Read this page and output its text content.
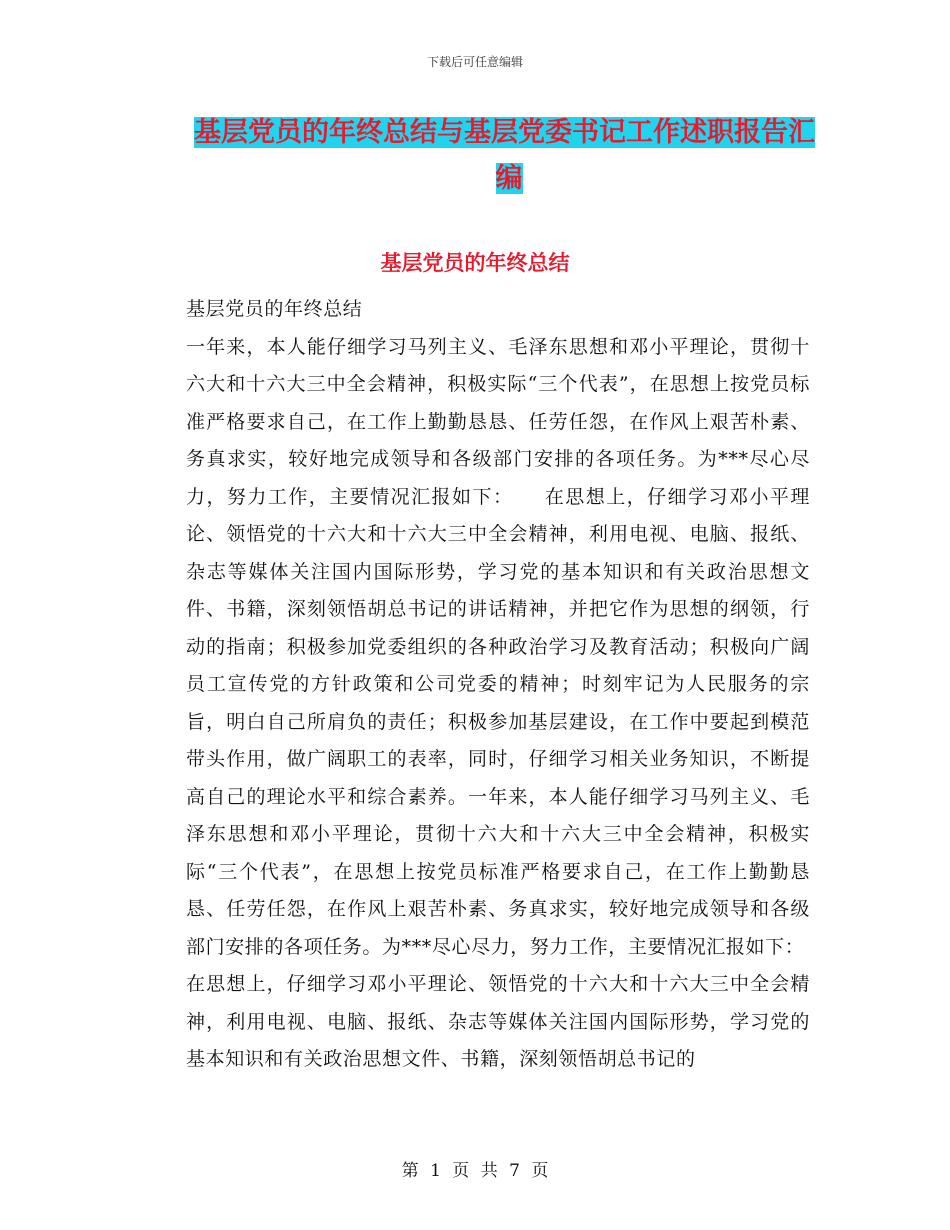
下载后可任意编辑
基层党员的年终总结与基层党委书记工作述职报告汇
编
基层党员的年终总结

基层党员的年终总结

一年来，本人能仔细学习马列主义、毛泽东思想和邓小平理论，贯彻十六大和十六大三中全会精神，积极实际“三个代表”，在思想上按党员标准严格要求自己，在工作上勤勤恳恳、任劳任怨，在作风上艰苦朴素、务真求实，较好地完成领导和各级部门安排的各项任务。为***尽心尽力，努力工作，主要情况汇报如下：　　在思想上，仔细学习邓小平理论、领悟党的十六大和十六大三中全会精神，利用电视、电脑、报纸、杂志等媒体关注国内国际形势，学习党的基本知识和有关政治思想文件、书籍，深刻领悟胡总书记的讲话精神，并把它作为思想的纲领，行动的指南；积极参加党委组织的各种政治学习及教育活动；积极向广阔员工宣传党的方针政策和公司党委的精神；时刻牢记为人民服务的宗旨，明白自己所肩负的责任；积极参加基层建设，在工作中要起到模范带头作用，做广阔职工的表率，同时，仔细学习相关业务知识，不断提高自己的理论水平和综合素养。一年来，本人能仔细学习马列主义、毛泽东思想和邓小平理论，贯彻十六大和十六大三中全会精神，积极实际“三个代表”，在思想上按党员标准严格要求自己，在工作上勤勤恳恳、任劳任怨，在作风上艰苦朴素、务真求实，较好地完成领导和各级部门安排的各项任务。为***尽心尽力，努力工作，主要情况汇报如下：

在思想上，仔细学习邓小平理论、领悟党的十六大和十六大三中全会精神，利用电视、电脑、报纸、杂志等媒体关注国内国际形势，学习党的基本知识和有关政治思想文件、书籍，深刻领悟胡总书记的

第 1 页 共 7 页
